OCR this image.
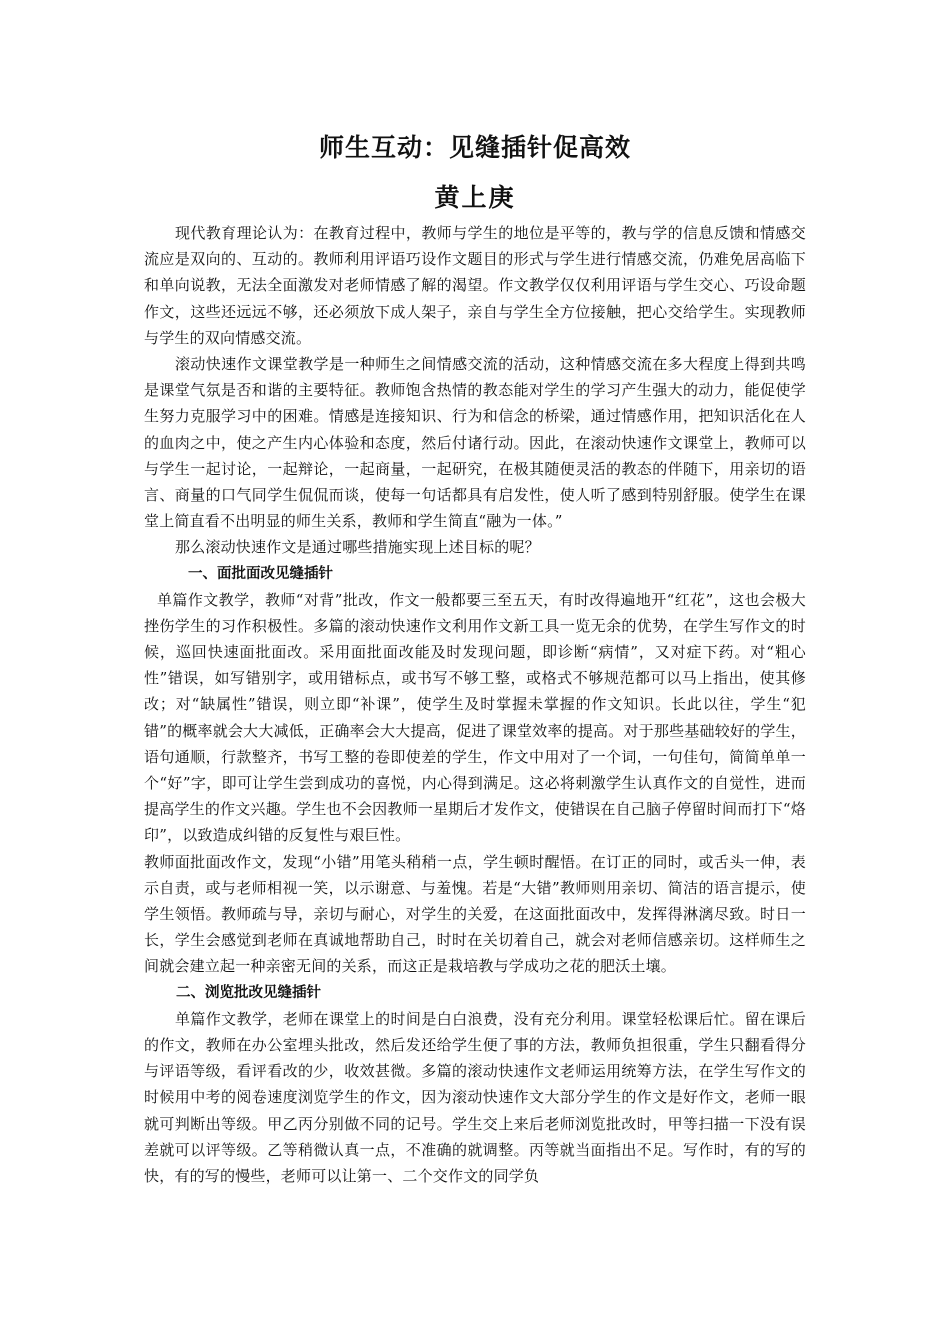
师生互动：见缝插针促高效
黄上庚

现代教育理论认为：在教育过程中，教师与学生的地位是平等的，教与学的信息反馈和情感交流应是双向的、互动的。教师利用评语巧设作文题目的形式与学生进行情感交流，仍难免居高临下和单向说教，无法全面激发对老师情感了解的渴望。作文教学仅仅利用评语与学生交心、巧设命题作文，这些还远远不够，还必须放下成人架子，亲自与学生全方位接触，把心交给学生。实现教师与学生的双向情感交流。

滚动快速作文课堂教学是一种师生之间情感交流的活动，这种情感交流在多大程度上得到共鸣是课堂气氛是否和谐的主要特征。教师饱含热情的教态能对学生的学习产生强大的动力，能促使学生努力克服学习中的困难。情感是连接知识、行为和信念的桥梁，通过情感作用，把知识活化在人的血肉之中，使之产生内心体验和态度，然后付诸行动。因此，在滚动快速作文课堂上，教师可以与学生一起讨论，一起辩论，一起商量，一起研究，在极其随便灵活的教态的伴随下，用亲切的语言、商量的口气同学生侃侃而谈，使每一句话都具有启发性，使人听了感到特别舒服。使学生在课堂上简直看不出明显的师生关系，教师和学生简直“融为一体。”

那么滚动快速作文是通过哪些措施实现上述目标的呢？

一、面批面改见缝插针

单篇作文教学，教师“对背”批改，作文一般都要三至五天，有时改得遍地开“红花”，这也会极大挫伤学生的习作积极性。多篇的滚动快速作文利用作文新工具一览无余的优势，在学生写作文的时候，巡回快速面批面改。采用面批面改能及时发现问题，即诊断“病情”，又对症下药。对“粗心性”错误，如写错别字，或用错标点，或书写不够工整，或格式不够规范都可以马上指出，使其修改；对“缺属性”错误，则立即“补课”，使学生及时掌握未掌握的作文知识。长此以往，学生“犯错”的概率就会大大减低，正确率会大大提高，促进了课堂效率的提高。对于那些基础较好的学生，语句通顺，行款整齐，书写工整的卷即使差的学生，作文中用对了一个词，一句佳句，简简单单一个“好”字，即可让学生尝到成功的喜悦，内心得到满足。这必将刺激学生认真作文的自觉性，进而提高学生的作文兴趣。学生也不会因教师一星期后才发作文，使错误在自己脑子停留时间而打下“烙印”，以致造成纠错的反复性与艰巨性。

教师面批面改作文，发现“小错”用笔头稍稍一点，学生顿时醒悟。在订正的同时，或舌头一伸，表示自责，或与老师相视一笑，以示谢意、与羞愧。若是“大错”教师则用亲切、简洁的语言提示，使学生领悟。教师疏与导，亲切与耐心，对学生的关爱，在这面批面改中，发挥得淋漓尽致。时日一长，学生会感觉到老师在真诚地帮助自己，时时在关切着自己，就会对老师信感亲切。这样师生之间就会建立起一种亲密无间的关系，而这正是栽培教与学成功之花的肥沃土壤。

二、浏览批改见缝插针

单篇作文教学，老师在课堂上的时间是白白浪费，没有充分利用。课堂轻松课后忙。留在课后的作文，教师在办公室埋头批改，然后发还给学生便了事的方法，教师负担很重，学生只翻看得分与评语等级，看评看改的少，收效甚微。多篇的滚动快速作文老师运用统筹方法，在学生写作文的时候用中考的阅卷速度浏览学生的作文，因为滚动快速作文大部分学生的作文是好作文，老师一眼就可判断出等级。甲乙丙分别做不同的记号。学生交上来后老师浏览批改时，甲等扫描一下没有误差就可以评等级。乙等稍微认真一点，不准确的就调整。丙等就当面指出不足。写作时，有的写的快，有的写的慢些，老师可以让第一、二个交作文的同学负
